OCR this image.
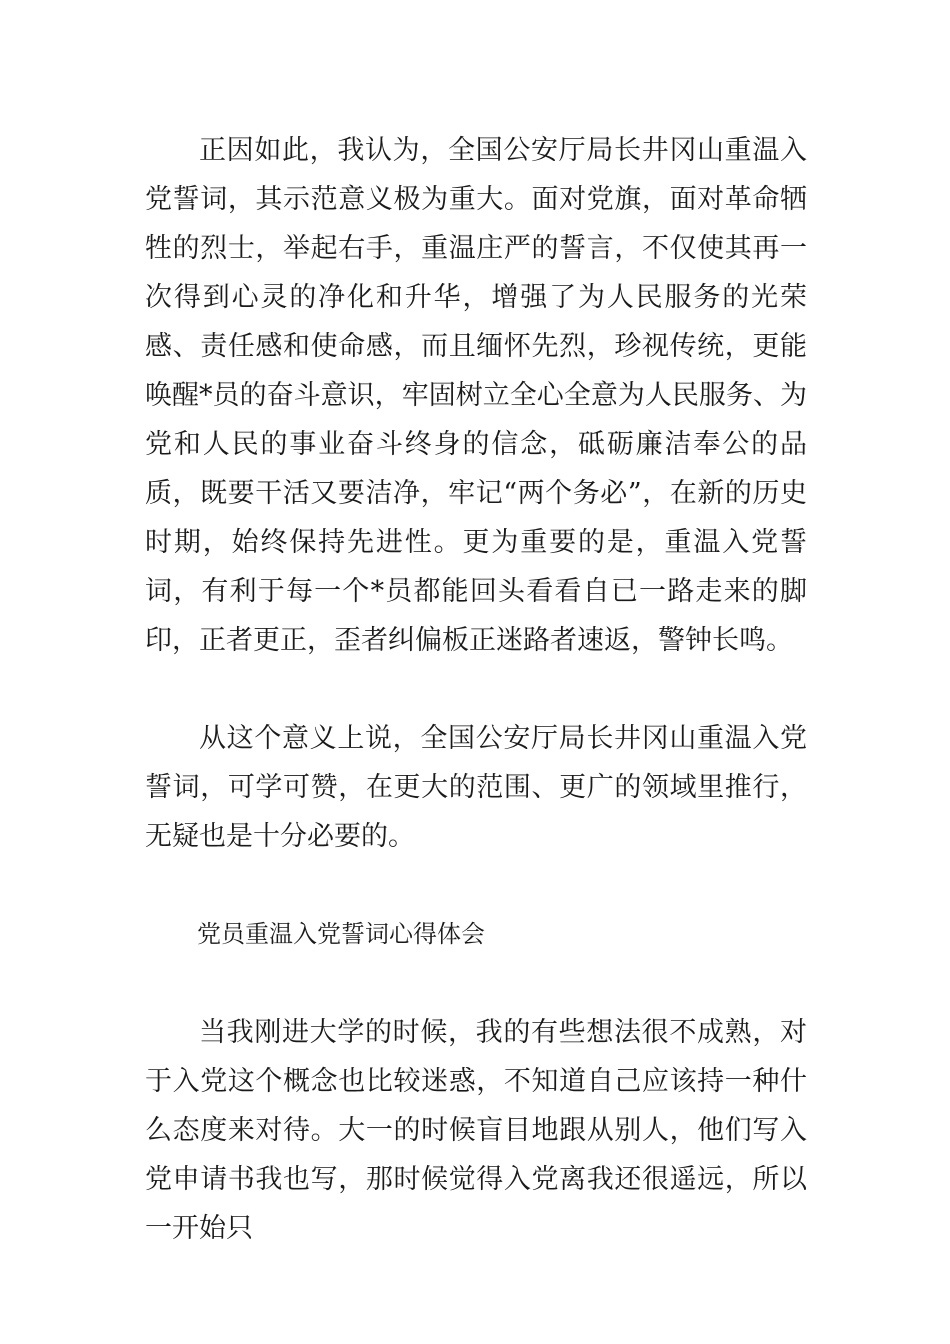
正因如此，我认为，全国公安厅局长井冈山重温入党誓词，其示范意义极为重大。面对党旗，面对革命牺牲的烈士，举起右手，重温庄严的誓言，不仅使其再一次得到心灵的净化和升华，增强了为人民服务的光荣感、责任感和使命感，而且缅怀先烈，珍视传统，更能唤醒*员的奋斗意识，牢固树立全心全意为人民服务、为党和人民的事业奋斗终身的信念，砥砺廉洁奉公的品质，既要干活又要洁净，牢记“两个务必”，在新的历史时期，始终保持先进性。更为重要的是，重温入党誓词，有利于每一个*员都能回头看看自已一路走来的脚印，正者更正，歪者纠偏板正迷路者速返，警钟长鸣。

从这个意义上说，全国公安厅局长井冈山重温入党誓词，可学可赞，在更大的范围、更广的领域里推行，无疑也是十分必要的。

党员重温入党誓词心得体会

当我刚进大学的时候，我的有些想法很不成熟，对于入党这个概念也比较迷惑，不知道自己应该持一种什么态度来对待。大一的时候盲目地跟从别人，他们写入党申请书我也写，那时候觉得入党离我还很遥远，所以一开始只
